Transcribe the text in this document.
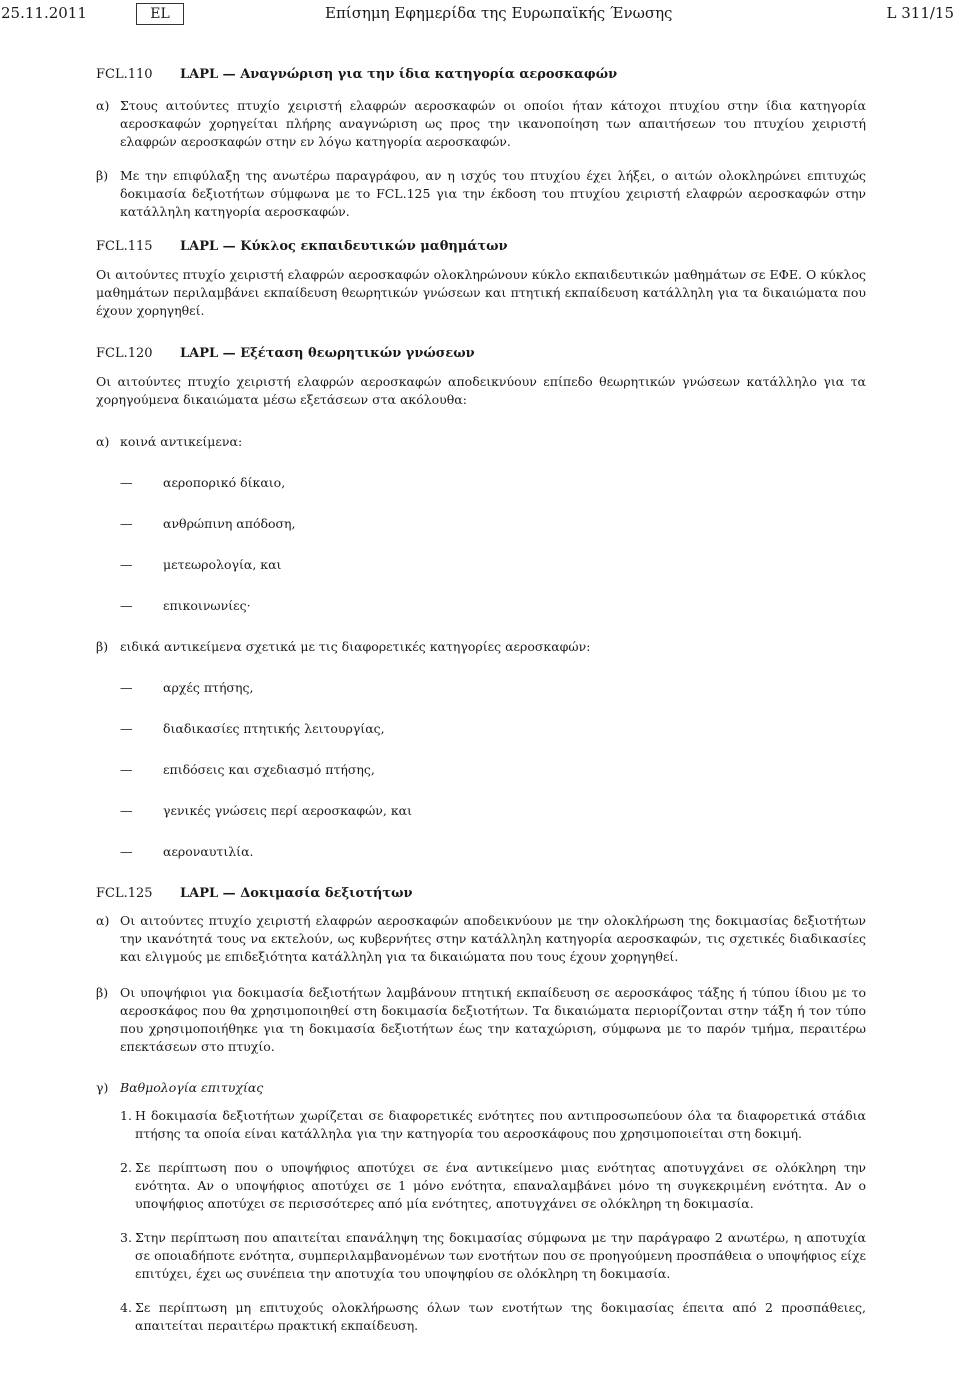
25.11.2011	EL	Επίσημη Εφημερίδα της Ευρωπαϊκής Ένωσης	L 311/15
FCL.110	LAPL — Αναγνώριση για την ίδια κατηγορία αεροσκαφών
α) Στους αιτούντες πτυχίο χειριστή ελαφρών αεροσκαφών οι οποίοι ήταν κάτοχοι πτυχίου στην ίδια κατηγορία αεροσκαφών χορηγείται πλήρης αναγνώριση ως προς την ικανοποίηση των απαιτήσεων του πτυχίου χειριστή ελαφρών αεροσκαφών στην εν λόγω κατηγορία αεροσκαφών.
β) Με την επιφύλαξη της ανωτέρω παραγράφου, αν η ισχύς του πτυχίου έχει λήξει, ο αιτών ολοκληρώνει επιτυχώς δοκιμασία δεξιοτήτων σύμφωνα με το FCL.125 για την έκδοση του πτυχίου χειριστή ελαφρών αεροσκαφών στην κατάλληλη κατηγορία αεροσκαφών.
FCL.115	LAPL — Κύκλος εκπαιδευτικών μαθημάτων

Οι αιτούντες πτυχίο χειριστή ελαφρών αεροσκαφών ολοκληρώνουν κύκλο εκπαιδευτικών μαθημάτων σε ΕΦΕ. Ο κύκλος μαθημάτων περιλαμβάνει εκπαίδευση θεωρητικών γνώσεων και πτητική εκπαίδευση κατάλληλη για τα δικαιώματα που έχουν χορηγηθεί.

FCL.120	LAPL — Εξέταση θεωρητικών γνώσεων

Οι αιτούντες πτυχίο χειριστή ελαφρών αεροσκαφών αποδεικνύουν επίπεδο θεωρητικών γνώσεων κατάλληλο για τα χορηγούμενα δικαιώματα μέσω εξετάσεων στα ακόλουθα:

α) κοινά αντικείμενα:
—	αεροπορικό δίκαιο,
—	ανθρώπινη απόδοση,
—	μετεωρολογία, και
—	επικοινωνίες·
β) ειδικά αντικείμενα σχετικά με τις διαφορετικές κατηγορίες αεροσκαφών:
—	αρχές πτήσης,
—	διαδικασίες πτητικής λειτουργίας,
—	επιδόσεις και σχεδιασμό πτήσης,
—	γενικές γνώσεις περί αεροσκαφών, και
—	αεροναυτιλία.
FCL.125	LAPL — Δοκιμασία δεξιοτήτων
α) Οι αιτούντες πτυχίο χειριστή ελαφρών αεροσκαφών αποδεικνύουν με την ολοκλήρωση της δοκιμασίας δεξιοτήτων την ικανότητά τους να εκτελούν, ως κυβερνήτες στην κατάλληλη κατηγορία αεροσκαφών, τις σχετικές διαδικασίες και ελιγμούς με επιδεξιότητα κατάλληλη για τα δικαιώματα που τους έχουν χορηγηθεί.
β) Οι υποψήφιοι για δοκιμασία δεξιοτήτων λαμβάνουν πτητική εκπαίδευση σε αεροσκάφος τάξης ή τύπου ίδιου με το αεροσκάφος που θα χρησιμοποιηθεί στη δοκιμασία δεξιοτήτων. Τα δικαιώματα περιορίζονται στην τάξη ή τον τύπο που χρησιμοποιήθηκε για τη δοκιμασία δεξιοτήτων έως την καταχώριση, σύμφωνα με το παρόν τμήμα, περαιτέρω επεκτάσεων στο πτυχίο.
γ) Βαθμολογία επιτυχίας
1. Η δοκιμασία δεξιοτήτων χωρίζεται σε διαφορετικές ενότητες που αντιπροσωπεύουν όλα τα διαφορετικά στάδια πτήσης τα οποία είναι κατάλληλα για την κατηγορία του αεροσκάφους που χρησιμοποιείται στη δοκιμή.
2. Σε περίπτωση που ο υποψήφιος αποτύχει σε ένα αντικείμενο μιας ενότητας αποτυγχάνει σε ολόκληρη την ενότητα. Αν ο υποψήφιος αποτύχει σε 1 μόνο ενότητα, επαναλαμβάνει μόνο τη συγκεκριμένη ενότητα. Αν ο υποψήφιος αποτύχει σε περισσότερες από μία ενότητες, αποτυγχάνει σε ολόκληρη τη δοκιμασία.
3. Στην περίπτωση που απαιτείται επανάληψη της δοκιμασίας σύμφωνα με την παράγραφο 2 ανωτέρω, η αποτυχία σε οποιαδήποτε ενότητα, συμπεριλαμβανομένων των ενοτήτων που σε προηγούμενη προσπάθεια ο υποψήφιος είχε επιτύχει, έχει ως συνέπεια την αποτυχία του υποψηφίου σε ολόκληρη τη δοκιμασία.
4. Σε περίπτωση μη επιτυχούς ολοκλήρωσης όλων των ενοτήτων της δοκιμασίας έπειτα από 2 προσπάθειες, απαιτείται περαιτέρω πρακτική εκπαίδευση.
